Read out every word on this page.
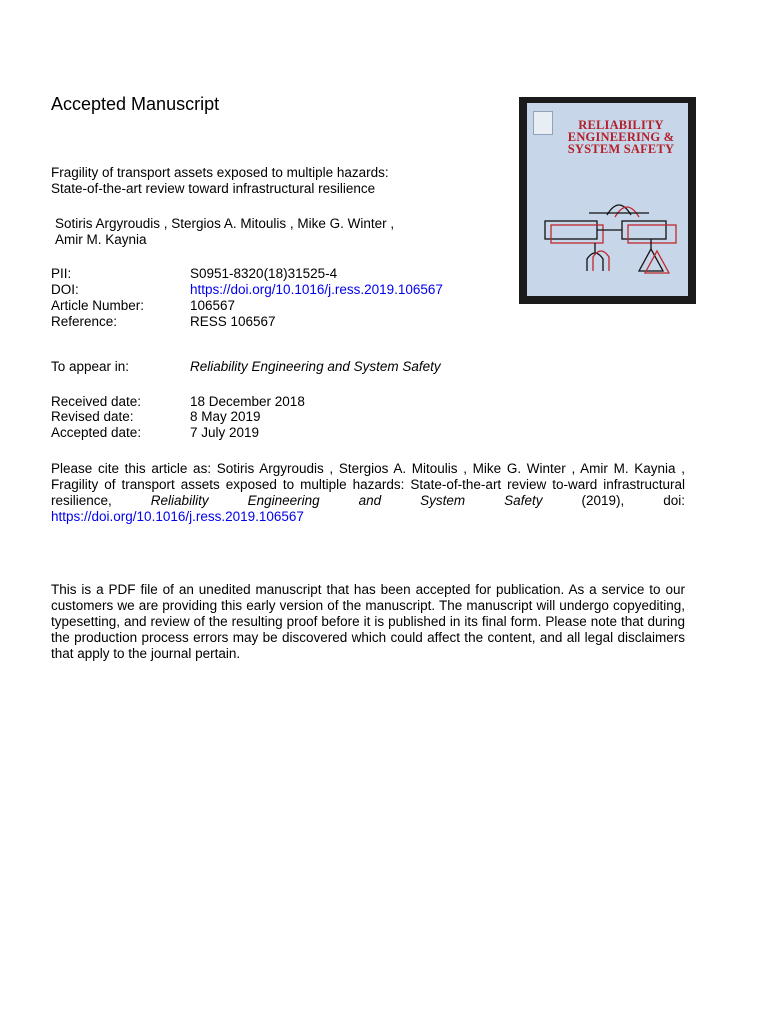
Accepted Manuscript
Fragility of transport assets exposed to multiple hazards:
State-of-the-art review toward infrastructural resilience
Sotiris Argyroudis , Stergios A. Mitoulis , Mike G. Winter ,
Amir M. Kaynia
PII:	S0951-8320(18)31525-4
DOI:	https://doi.org/10.1016/j.ress.2019.106567
Article Number:	106567
Reference:	RESS 106567
To appear in:	Reliability Engineering and System Safety
Received date:	18 December 2018
Revised date:	8 May 2019
Accepted date:	7 July 2019
Please cite this article as: Sotiris Argyroudis , Stergios A. Mitoulis , Mike G. Winter , Amir M. Kaynia , Fragility of transport assets exposed to multiple hazards: State-of-the-art review to-ward infrastructural resilience, Reliability Engineering and System Safety (2019), doi: https://doi.org/10.1016/j.ress.2019.106567
This is a PDF file of an unedited manuscript that has been accepted for publication. As a service to our customers we are providing this early version of the manuscript. The manuscript will undergo copyediting, typesetting, and review of the resulting proof before it is published in its final form. Please note that during the production process errors may be discovered which could affect the content, and all legal disclaimers that apply to the journal pertain.
RELIABILITY ENGINEERING & SYSTEM SAFETY
